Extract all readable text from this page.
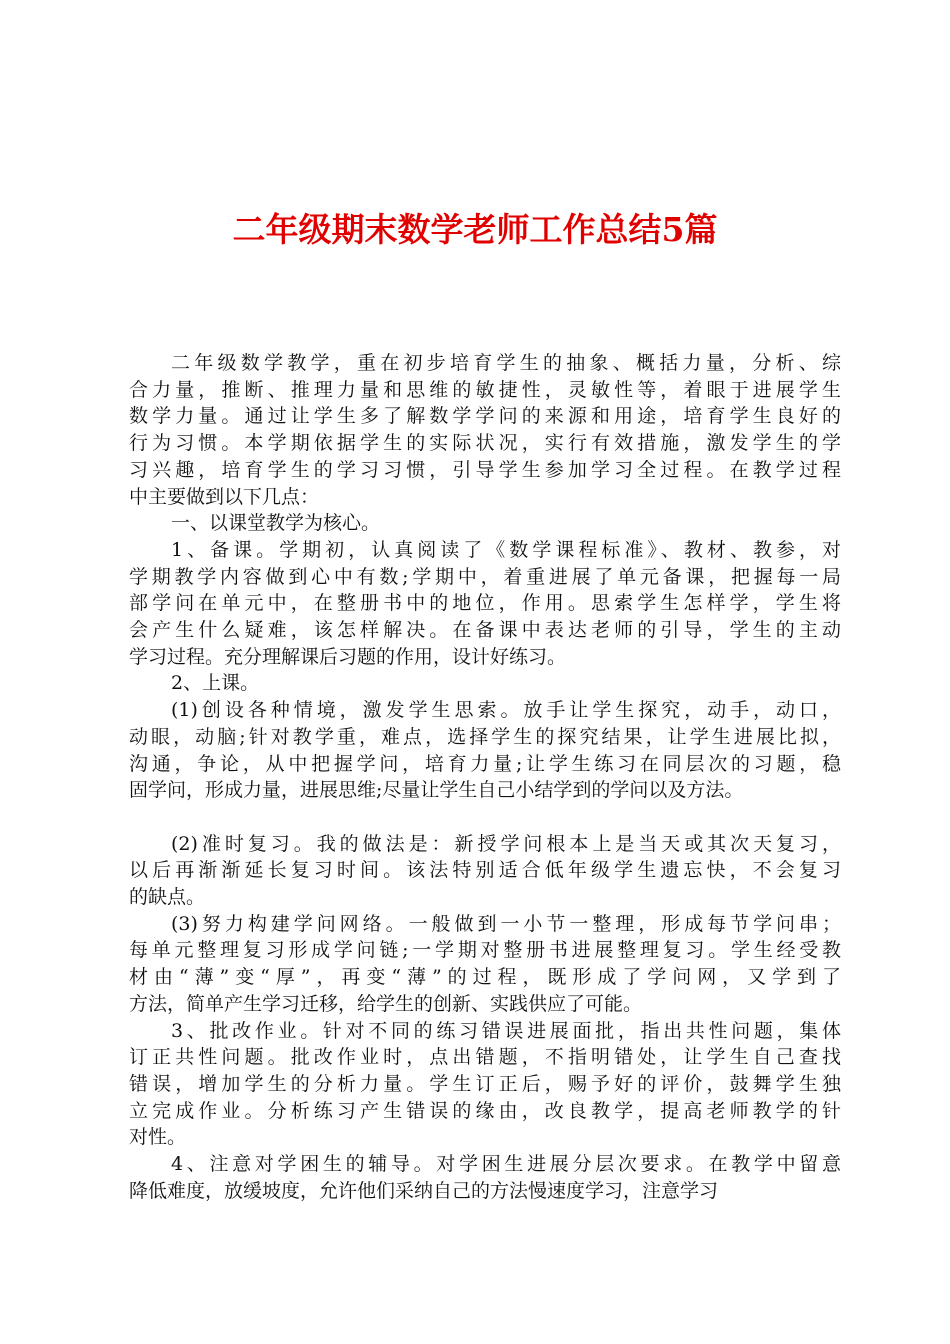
二年级期末数学老师工作总结5篇

二年级数学教学，重在初步培育学生的抽象、概括力量，分析、综
合力量，推断、推理力量和思维的敏捷性，灵敏性等，着眼于进展学生
数学力量。通过让学生多了解数学学问的来源和用途，培育学生良好的
行为习惯。本学期依据学生的实际状况，实行有效措施，激发学生的学
习兴趣，培育学生的学习习惯，引导学生参加学习全过程。在教学过程
中主要做到以下几点：

一、以课堂教学为核心。

1、备课。学期初，认真阅读了《数学课程标准》、教材、教参，对
学期教学内容做到心中有数;学期中，着重进展了单元备课，把握每一局
部学问在单元中，在整册书中的地位，作用。思索学生怎样学，学生将
会产生什么疑难，该怎样解决。在备课中表达老师的引导，学生的主动
学习过程。充分理解课后习题的作用，设计好练习。

2、上课。

(1)创设各种情境，激发学生思索。放手让学生探究，动手，动口，
动眼，动脑;针对教学重，难点，选择学生的探究结果，让学生进展比拟，
沟通，争论，从中把握学问，培育力量;让学生练习在同层次的习题，稳
固学问，形成力量，进展思维;尽量让学生自己小结学到的学问以及方法。

(2)准时复习。我的做法是：新授学问根本上是当天或其次天复习，
以后再渐渐延长复习时间。该法特别适合低年级学生遗忘快，不会复习
的缺点。

(3)努力构建学问网络。一般做到一小节一整理，形成每节学问串；
每单元整理复习形成学问链;一学期对整册书进展整理复习。学生经受教
材由“薄”变“厚”，再变“薄”的过程，既形成了学问网，又学到了
方法，简单产生学习迁移，给学生的创新、实践供应了可能。

3、批改作业。针对不同的练习错误进展面批，指出共性问题，集体
订正共性问题。批改作业时，点出错题，不指明错处，让学生自己查找
错误，增加学生的分析力量。学生订正后，赐予好的评价，鼓舞学生独
立完成作业。分析练习产生错误的缘由，改良教学，提高老师教学的针
对性。

4、注意对学困生的辅导。对学困生进展分层次要求。在教学中留意
降低难度，放缓坡度，允许他们采纳自己的方法慢速度学习，注意学习
